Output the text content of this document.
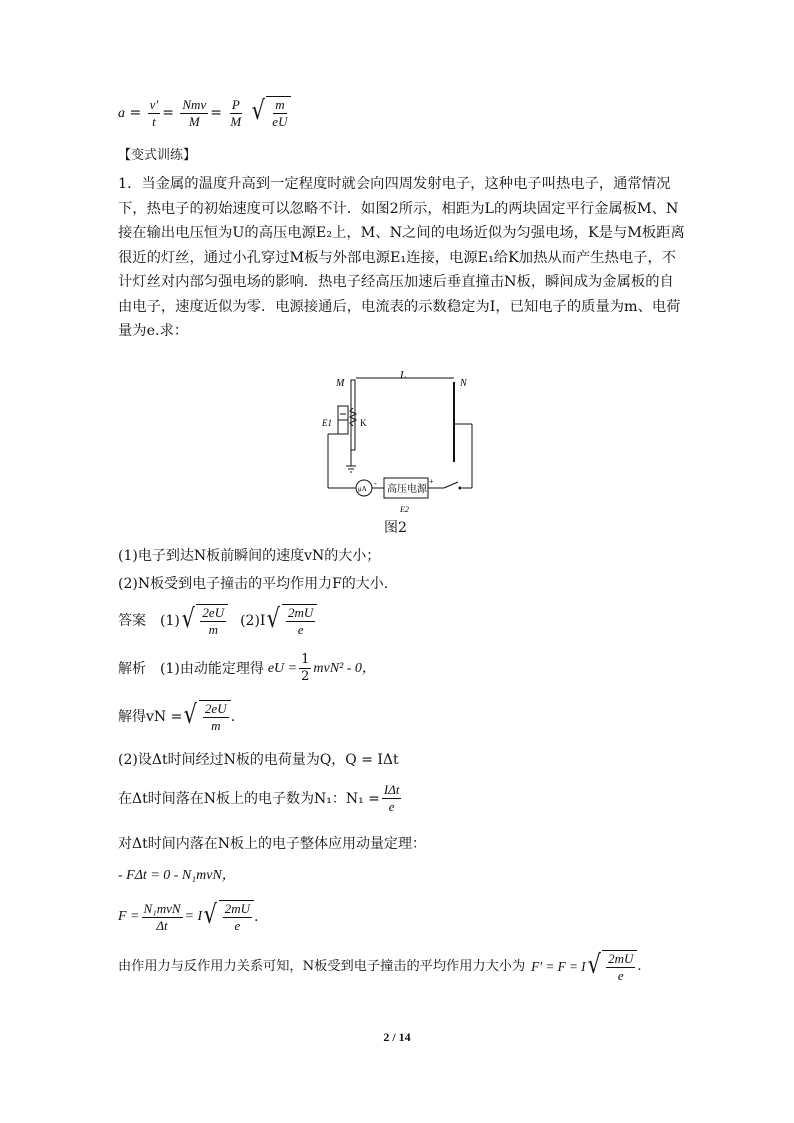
$a = \frac{v'}{t} = \frac{\text{Nmv}}{M} = \frac{P}{M}$
√ $\frac{m}{eU}$
【变式训练】
1．当金属的温度升高到一定程度时就会向四周发射电子，这种电子叫热电子，通常情况下，热电子的初始速度可以忽略不计．如图2所示，相距为L的两块固定平行金属板M、N接在输出电压恒为U的高压电源E₂上，M、N之间的电场近似为匀强电场，K是与M板距离很近的灯丝，通过小孔穿过M板与外部电源E₁连接，电源E₁给K加热从而产生热电子，不计灯丝对内部匀强电场的影响．热电子经高压加速后垂直撞击N板，瞬间成为金属板的自由电子，速度近似为零．电源接通后，电流表的示数稳定为I，已知电子的质量为m、电荷量为e.求：
L
M	N
E1	K
μA
-
高压电源
+
E2
图2
(1)电子到达N板前瞬间的速度vN的大小；
(2)N板受到电子撞击的平均作用力F的大小．
答案 (1) √ $\frac{2eU}{m} (2)I$ √ $\frac{2mU}{e}$
解析 (1)由动能定理得 eU = $\frac{1}{2} mvN^2 - 0$，
解得vN = √ $\frac{2eU}{m}$ .
(2)设Δt时间经过N板的电荷量为Q，Q = IΔt
在Δt时间落在N板上的电子数为N₁：$N_1 = \frac{\text{IΔt}}{e}$
对Δt时间内落在N板上的电子整体应用动量定理：
- FΔt = 0 - N₁mvN，
$F = \frac{\text{N₁mvN}}{\Delta t} = I$ √ $\frac{2mU}{e}$ .
由作用力与反作用力关系可知，N板受到电子撞击的平均作用力大小为 F′ = F = I √ $\frac{2mU}{e}$ .
2 / 14
